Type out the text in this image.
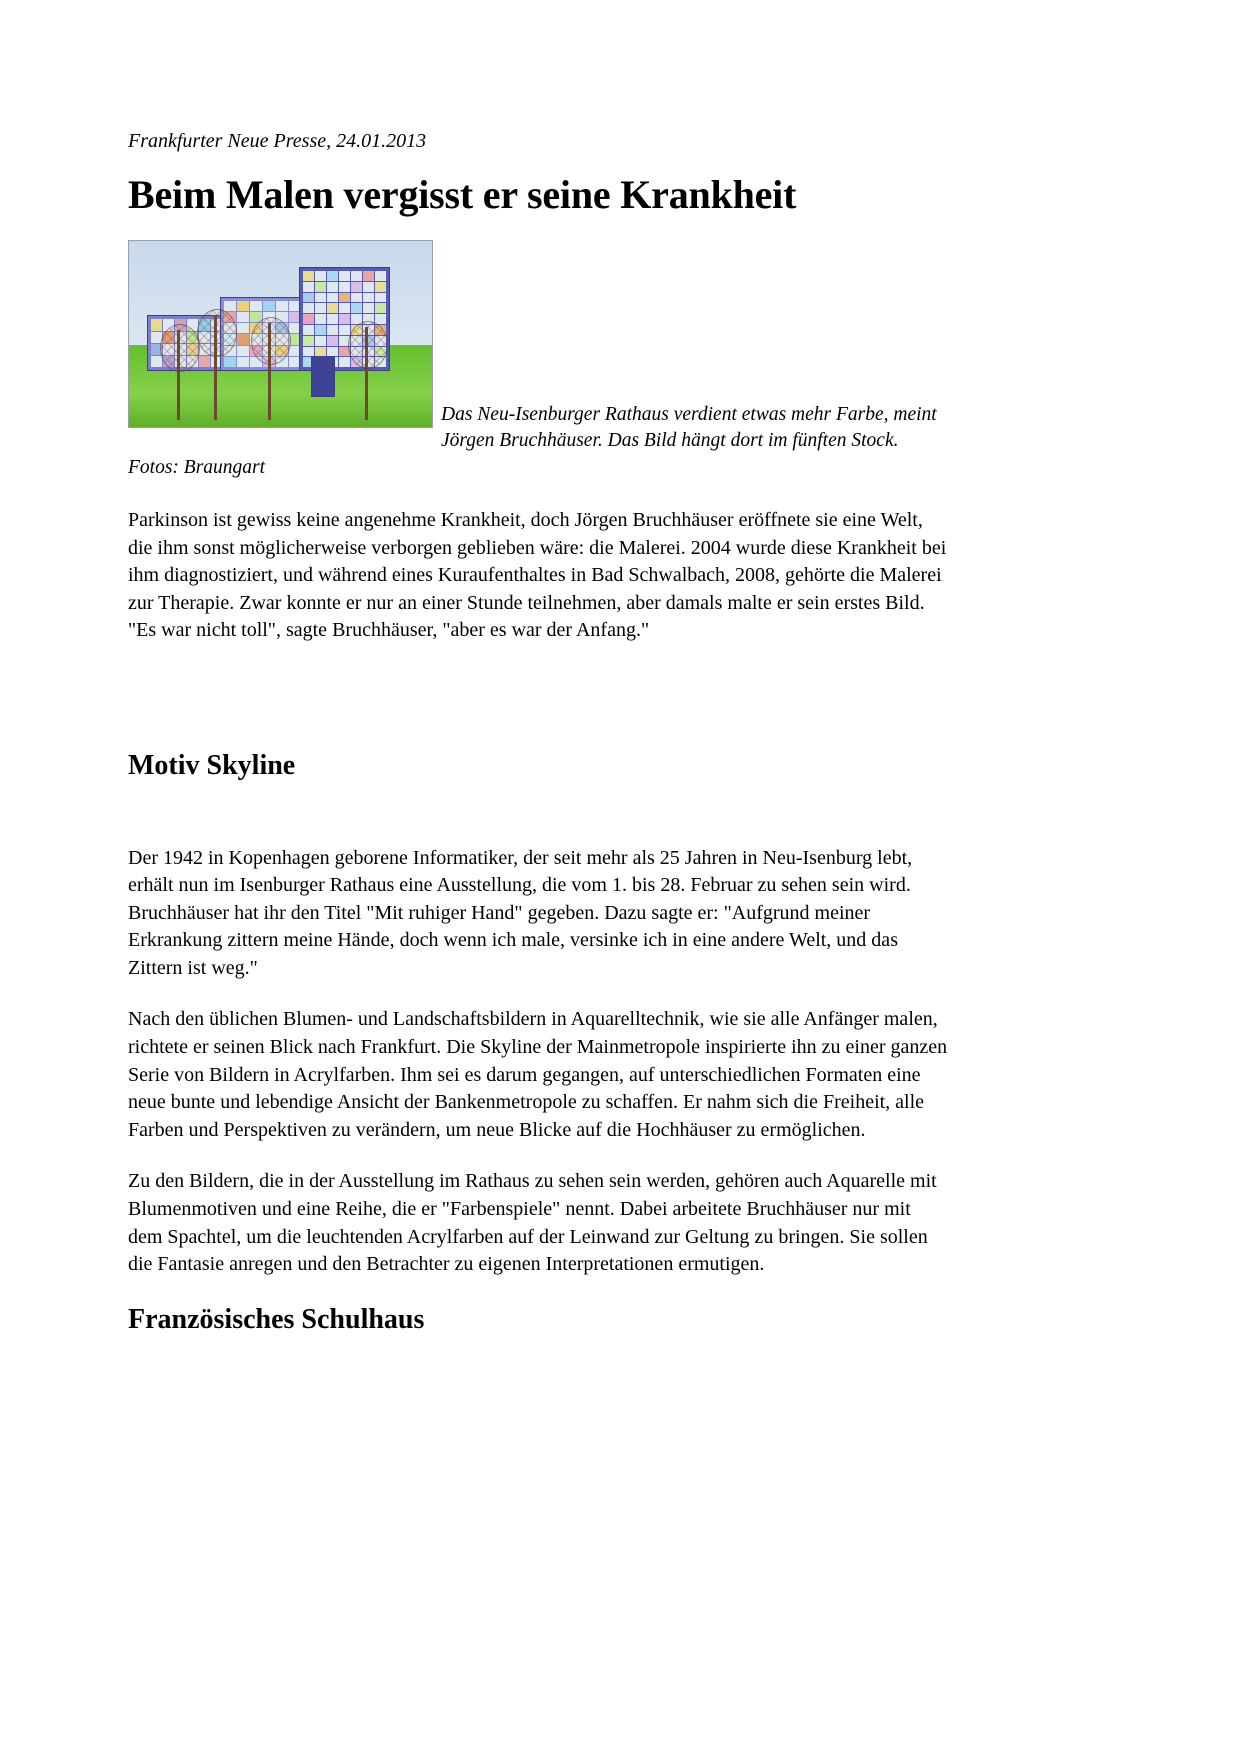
Frankfurter Neue Presse, 24.01.2013
Beim Malen vergisst er seine Krankheit

Das Neu-Isenburger Rathaus verdient etwas mehr Farbe, meint Jörgen Bruchhäuser. Das Bild hängt dort im fünften Stock. Fotos: Braungart

Parkinson ist gewiss keine angenehme Krankheit, doch Jörgen Bruchhäuser eröffnete sie eine Welt, die ihm sonst möglicherweise verborgen geblieben wäre: die Malerei. 2004 wurde diese Krankheit bei ihm diagnostiziert, und während eines Kuraufenthaltes in Bad Schwalbach, 2008, gehörte die Malerei zur Therapie. Zwar konnte er nur an einer Stunde teilnehmen, aber damals malte er sein erstes Bild. "Es war nicht toll", sagte Bruchhäuser, "aber es war der Anfang."

Motiv Skyline

Der 1942 in Kopenhagen geborene Informatiker, der seit mehr als 25 Jahren in Neu-Isenburg lebt, erhält nun im Isenburger Rathaus eine Ausstellung, die vom 1. bis 28. Februar zu sehen sein wird. Bruchhäuser hat ihr den Titel "Mit ruhiger Hand" gegeben. Dazu sagte er: "Aufgrund meiner Erkrankung zittern meine Hände, doch wenn ich male, versinke ich in eine andere Welt, und das Zittern ist weg."

Nach den üblichen Blumen- und Landschaftsbildern in Aquarelltechnik, wie sie alle Anfänger malen, richtete er seinen Blick nach Frankfurt. Die Skyline der Mainmetropole inspirierte ihn zu einer ganzen Serie von Bildern in Acrylfarben. Ihm sei es darum gegangen, auf unterschiedlichen Formaten eine neue bunte und lebendige Ansicht der Bankenmetropole zu schaffen. Er nahm sich die Freiheit, alle Farben und Perspektiven zu verändern, um neue Blicke auf die Hochhäuser zu ermöglichen.

Zu den Bildern, die in der Ausstellung im Rathaus zu sehen sein werden, gehören auch Aquarelle mit Blumenmotiven und eine Reihe, die er "Farbenspiele" nennt. Dabei arbeitete Bruchhäuser nur mit dem Spachtel, um die leuchtenden Acrylfarben auf der Leinwand zur Geltung zu bringen. Sie sollen die Fantasie anregen und den Betrachter zu eigenen Interpretationen ermutigen.

Französisches Schulhaus
